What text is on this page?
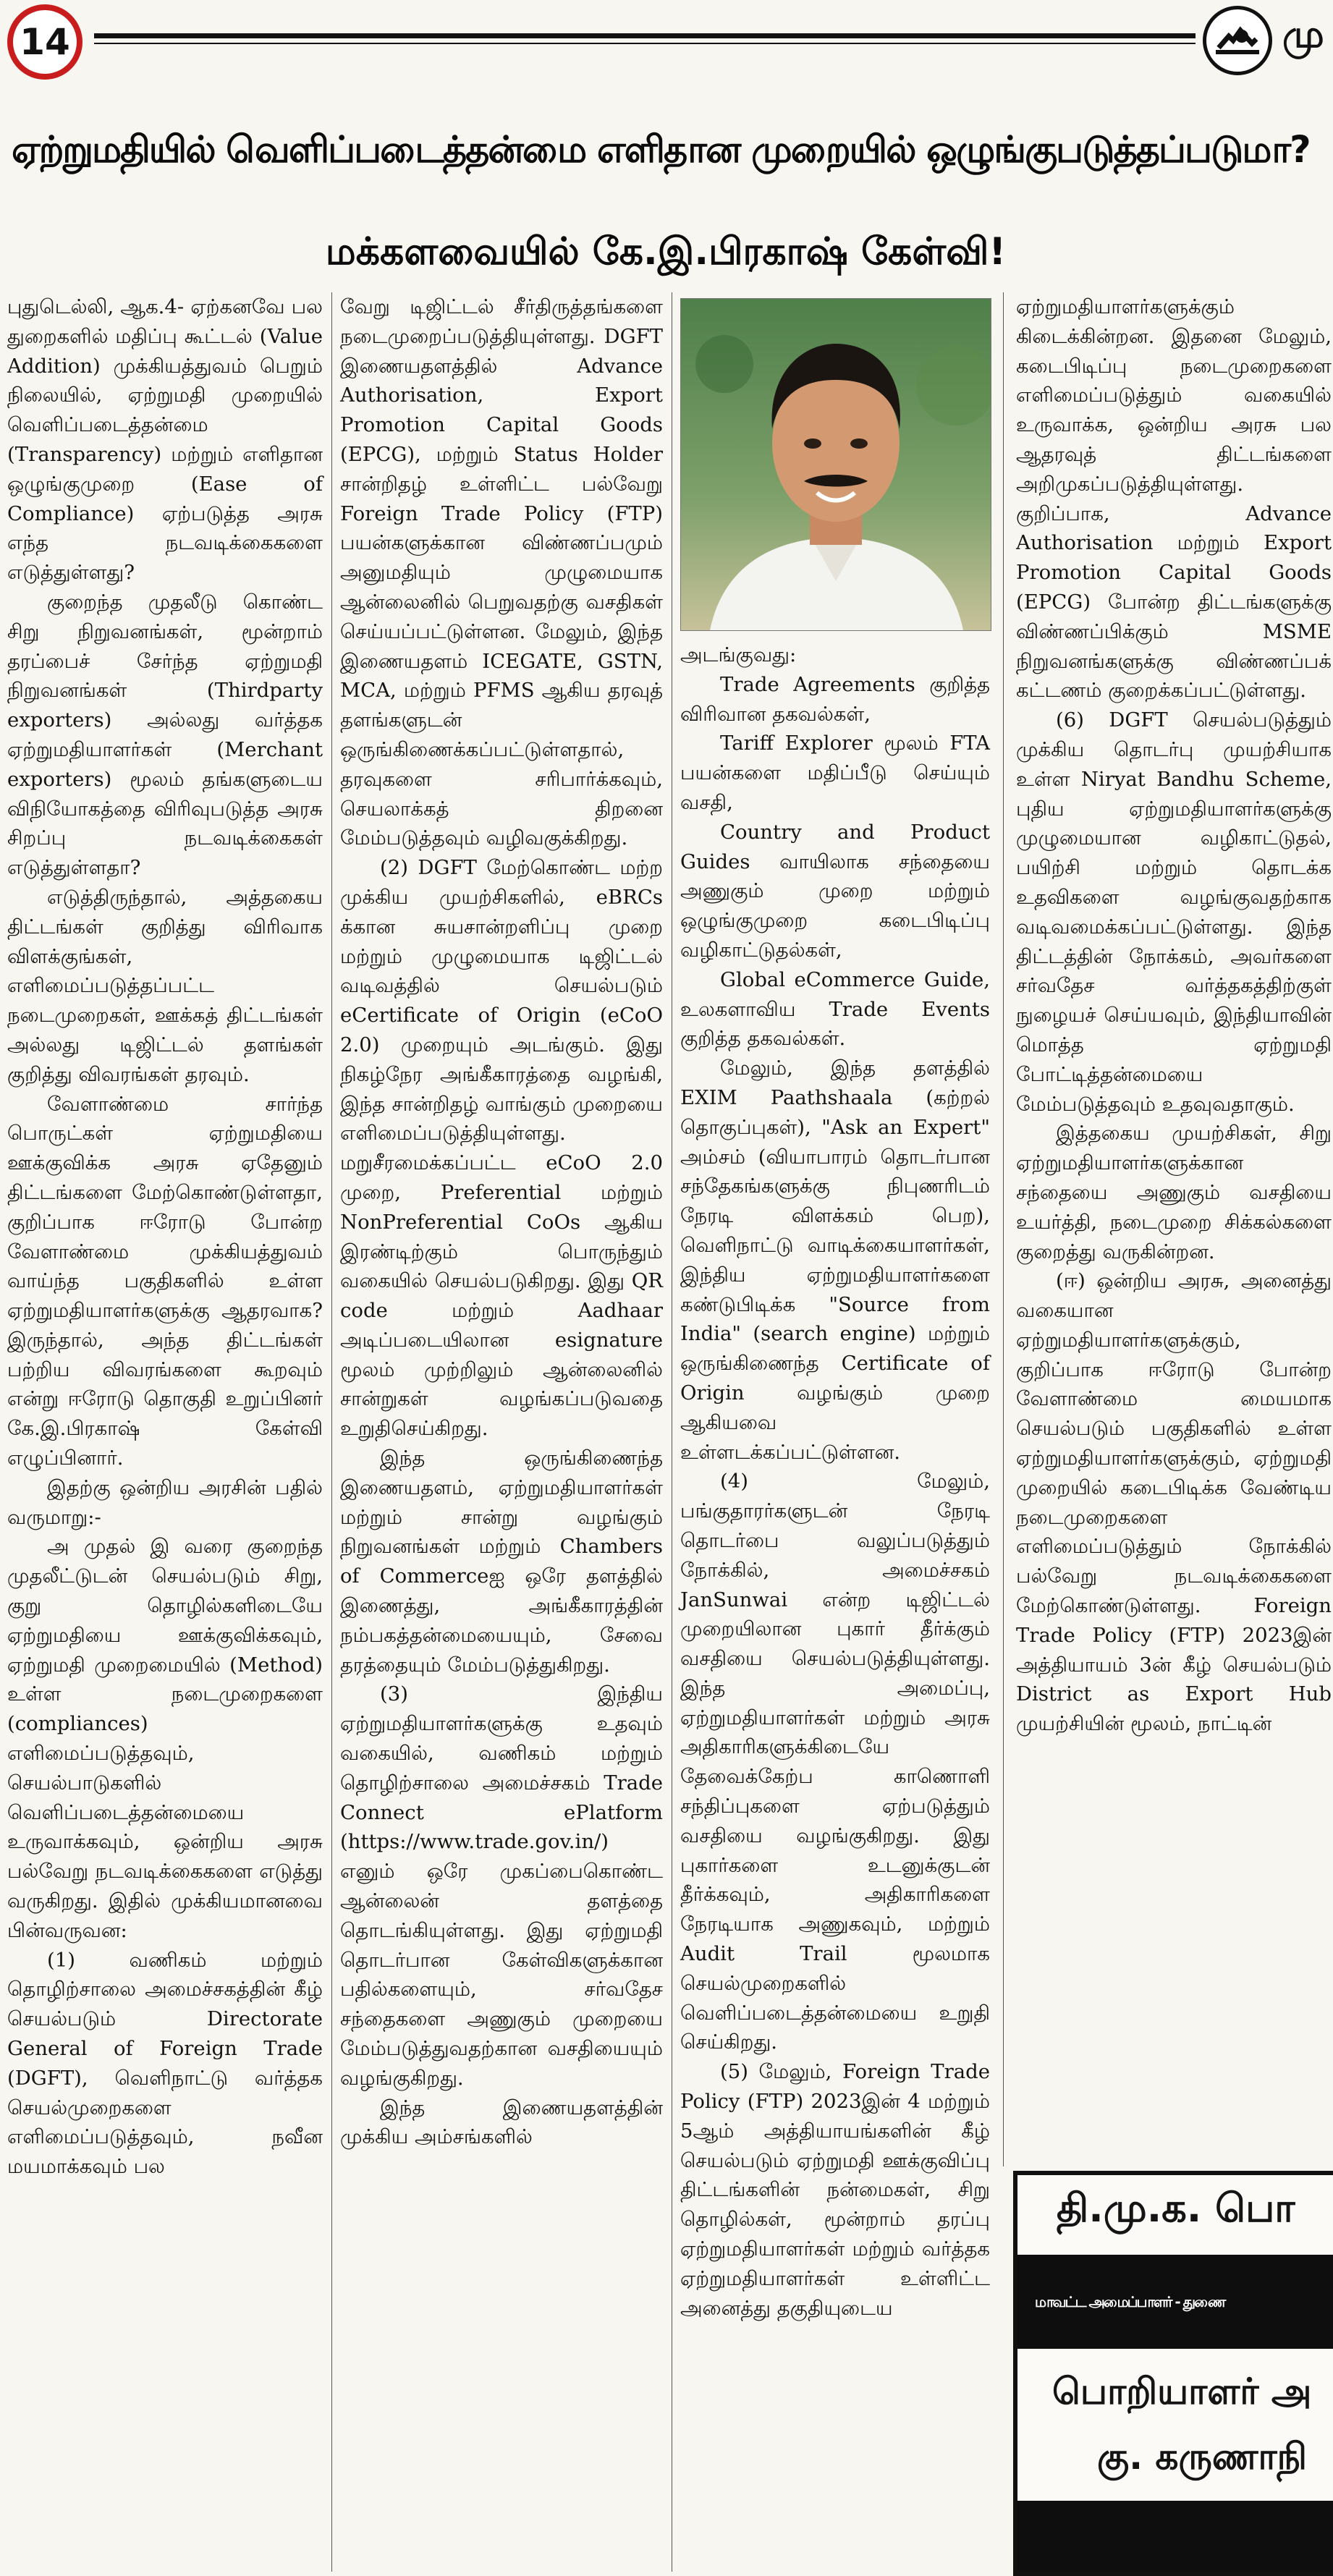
14	மு
ஏற்றுமதியில் வெளிப்படைத்தன்மை எளிதான முறையில் ஒழுங்குபடுத்தப்படுமா?
மக்களவையில் கே.இ.பிரகாஷ் கேள்வி!

புதுடெல்லி, ஆக.4- ஏற்கனவே பல துறைகளில் மதிப்பு கூட்டல் (Value Addition) முக்கியத்துவம் பெறும் நிலையில், ஏற்றுமதி முறையில் வெளிப்படைத்தன்மை (Transparency) மற்றும் எளிதான ஒழுங்குமுறை (Ease of Compliance) ஏற்படுத்த அரசு எந்த நடவடிக்கைகளை எடுத்துள்ளது?

குறைந்த முதலீடு கொண்ட சிறு நிறுவனங்கள், மூன்றாம் தரப்பைச் சேர்ந்த ஏற்றுமதி நிறுவனங்கள் (Thirdparty exporters) அல்லது வர்த்தக ஏற்றுமதியாளர்கள் (Merchant exporters) மூலம் தங்களுடைய விநியோகத்தை விரிவுபடுத்த அரசு சிறப்பு நடவடிக்கைகள் எடுத்துள்ளதா?

எடுத்திருந்தால், அத்தகைய திட்டங்கள் குறித்து விரிவாக விளக்குங்கள், எளிமைப்படுத்தப்பட்ட நடைமுறைகள், ஊக்கத் திட்டங்கள் அல்லது டிஜிட்டல் தளங்கள் குறித்து விவரங்கள் தரவும்.

வேளாண்மை சார்ந்த பொருட்கள் ஏற்றுமதியை ஊக்குவிக்க அரசு ஏதேனும் திட்டங்களை மேற்கொண்டுள்ளதா, குறிப்பாக ஈரோடு போன்ற வேளாண்மை முக்கியத்துவம் வாய்ந்த பகுதிகளில் உள்ள ஏற்றுமதியாளர்களுக்கு ஆதரவாக? இருந்தால், அந்த திட்டங்கள் பற்றிய விவரங்களை கூறவும் என்று ஈரோடு தொகுதி உறுப்பினர் கே.இ.பிரகாஷ் கேள்வி எழுப்பினார்.

இதற்கு ஒன்றிய அரசின் பதில் வருமாறு:-

அ முதல் இ வரை குறைந்த முதலீட்டுடன் செயல்படும் சிறு, குறு தொழில்களிடையே ஏற்றுமதியை ஊக்குவிக்கவும், ஏற்றுமதி முறைமையில் (Method) உள்ள நடைமுறைகளை (compliances) எளிமைப்படுத்தவும், செயல்பாடுகளில் வெளிப்படைத்தன்மையை உருவாக்கவும், ஒன்றிய அரசு பல்வேறு நடவடிக்கைகளை எடுத்து வருகிறது. இதில் முக்கியமானவை பின்வருவன:

(1) வணிகம் மற்றும் தொழிற்சாலை அமைச்சகத்தின் கீழ் செயல்படும் Directorate General of Foreign Trade (DGFT), வெளிநாட்டு வர்த்தக செயல்முறைகளை எளிமைப்படுத்தவும், நவீன மயமாக்கவும் பல

வேறு டிஜிட்டல் சீர்திருத்தங்களை நடைமுறைப்படுத்தியுள்ளது. DGFT இணையதளத்தில் Advance Authorisation, Export Promotion Capital Goods (EPCG), மற்றும் Status Holder சான்றிதழ் உள்ளிட்ட பல்வேறு Foreign Trade Policy (FTP) பயன்களுக்கான விண்ணப்பமும் அனுமதியும் முழுமையாக ஆன்லைனில் பெறுவதற்கு வசதிகள் செய்யப்பட்டுள்ளன. மேலும், இந்த இணையதளம் ICEGATE, GSTN, MCA, மற்றும் PFMS ஆகிய தரவுத் தளங்களுடன் ஒருங்கிணைக்கப்பட்டுள்ளதால், தரவுகளை சரிபார்க்கவும், செயலாக்கத் திறனை மேம்படுத்தவும் வழிவகுக்கிறது.

(2) DGFT மேற்கொண்ட மற்ற முக்கிய முயற்சிகளில், eBRCs க்கான சுயசான்றளிப்பு முறை மற்றும் முழுமையாக டிஜிட்டல் வடிவத்தில் செயல்படும் eCertificate of Origin (eCoO 2.0) முறையும் அடங்கும். இது நிகழ்நேர அங்கீகாரத்தை வழங்கி, இந்த சான்றிதழ் வாங்கும் முறையை எளிமைப்படுத்தியுள்ளது. மறுசீரமைக்கப்பட்ட eCoO 2.0 முறை, Preferential மற்றும் NonPreferential CoOs ஆகிய இரண்டிற்கும் பொருந்தும் வகையில் செயல்படுகிறது. இது QR code மற்றும் Aadhaar அடிப்படையிலான esignature மூலம் முற்றிலும் ஆன்லைனில் சான்றுகள் வழங்கப்படுவதை உறுதிசெய்கிறது.

இந்த ஒருங்கிணைந்த இணையதளம், ஏற்றுமதியாளர்கள் மற்றும் சான்று வழங்கும் நிறுவனங்கள் மற்றும் Chambers of Commerceஐ ஒரே தளத்தில் இணைத்து, அங்கீகாரத்தின் நம்பகத்தன்மையையும், சேவை தரத்தையும் மேம்படுத்துகிறது.

(3) இந்திய ஏற்றுமதியாளர்களுக்கு உதவும் வகையில், வணிகம் மற்றும் தொழிற்சாலை அமைச்சகம் Trade Connect ePlatform (https://www.trade.gov.in/) எனும் ஒரே முகப்பைகொண்ட ஆன்லைன் தளத்தை தொடங்கியுள்ளது. இது ஏற்றுமதி தொடர்பான கேள்விகளுக்கான பதில்களையும், சர்வதேச சந்தைகளை அணுகும் முறையை மேம்படுத்துவதற்கான வசதியையும் வழங்குகிறது.

இந்த இணையதளத்தின் முக்கிய அம்சங்களில்

அடங்குவது:

Trade Agreements குறித்த விரிவான தகவல்கள்,

Tariff Explorer மூலம் FTA பயன்களை மதிப்பீடு செய்யும் வசதி,

Country and Product Guides வாயிலாக சந்தையை அணுகும் முறை மற்றும் ஒழுங்குமுறை கடைபிடிப்பு வழிகாட்டுதல்கள்,

Global eCommerce Guide, உலகளாவிய Trade Events குறித்த தகவல்கள்.

மேலும், இந்த தளத்தில் EXIM Paathshaala (கற்றல் தொகுப்புகள்), "Ask an Expert" அம்சம் (வியாபாரம் தொடர்பான சந்தேகங்களுக்கு நிபுணரிடம் நேரடி விளக்கம் பெற), வெளிநாட்டு வாடிக்கையாளர்கள், இந்திய ஏற்றுமதியாளர்களை கண்டுபிடிக்க "Source from India" (search engine) மற்றும் ஒருங்கிணைந்த Certificate of Origin வழங்கும் முறை ஆகியவை உள்ளடக்கப்பட்டுள்ளன.

(4) மேலும், பங்குதாரர்களுடன் நேரடி தொடர்பை வலுப்படுத்தும் நோக்கில், அமைச்சகம் JanSunwai என்ற டிஜிட்டல் முறையிலான புகார் தீர்க்கும் வசதியை செயல்படுத்தியுள்ளது. இந்த அமைப்பு, ஏற்றுமதியாளர்கள் மற்றும் அரசு அதிகாரிகளுக்கிடையே தேவைக்கேற்ப காணொளி சந்திப்புகளை ஏற்படுத்தும் வசதியை வழங்குகிறது. இது புகார்களை உடனுக்குடன் தீர்க்கவும், அதிகாரிகளை நேரடியாக அணுகவும், மற்றும் Audit Trail மூலமாக செயல்முறைகளில் வெளிப்படைத்தன்மையை உறுதி செய்கிறது.

(5) மேலும், Foreign Trade Policy (FTP) 2023இன் 4 மற்றும் 5ஆம் அத்தியாயங்களின் கீழ் செயல்படும் ஏற்றுமதி ஊக்குவிப்பு திட்டங்களின் நன்மைகள், சிறு தொழில்கள், மூன்றாம் தரப்பு ஏற்றுமதியாளர்கள் மற்றும் வர்த்தக ஏற்றுமதியாளர்கள் உள்ளிட்ட அனைத்து தகுதியுடைய

ஏற்றுமதியாளர்களுக்கும் கிடைக்கின்றன. இதனை மேலும், கடைபிடிப்பு நடைமுறைகளை எளிமைப்படுத்தும் வகையில் உருவாக்க, ஒன்றிய அரசு பல ஆதரவுத் திட்டங்களை அறிமுகப்படுத்தியுள்ளது. குறிப்பாக, Advance Authorisation மற்றும் Export Promotion Capital Goods (EPCG) போன்ற திட்டங்களுக்கு விண்ணப்பிக்கும் MSME நிறுவனங்களுக்கு விண்ணப்பக் கட்டணம் குறைக்கப்பட்டுள்ளது.

(6) DGFT செயல்படுத்தும் முக்கிய தொடர்பு முயற்சியாக உள்ள Niryat Bandhu Scheme, புதிய ஏற்றுமதியாளர்களுக்கு முழுமையான வழிகாட்டுதல், பயிற்சி மற்றும் தொடக்க உதவிகளை வழங்குவதற்காக வடிவமைக்கப்பட்டுள்ளது. இந்த திட்டத்தின் நோக்கம், அவர்களை சர்வதேச வர்த்தகத்திற்குள் நுழையச் செய்யவும், இந்தியாவின் மொத்த ஏற்றுமதி போட்டித்தன்மையை மேம்படுத்தவும் உதவுவதாகும்.

இத்தகைய முயற்சிகள், சிறு ஏற்றுமதியாளர்களுக்கான சந்தையை அணுகும் வசதியை உயர்த்தி, நடைமுறை சிக்கல்களை குறைத்து வருகின்றன.

(ஈ) ஒன்றிய அரசு, அனைத்து வகையான ஏற்றுமதியாளர்களுக்கும், குறிப்பாக ஈரோடு போன்ற வேளாண்மை மையமாக செயல்படும் பகுதிகளில் உள்ள ஏற்றுமதியாளர்களுக்கும், ஏற்றுமதி முறையில் கடைபிடிக்க வேண்டிய நடைமுறைகளை எளிமைப்படுத்தும் நோக்கில் பல்வேறு நடவடிக்கைகளை மேற்கொண்டுள்ளது. Foreign Trade Policy (FTP) 2023இன் அத்தியாயம் 3ன் கீழ் செயல்படும் District as Export Hub முயற்சியின் மூலம், நாட்டின்

தி.மு.க. பொ
மாவட்ட அமைப்பாளர் - துணை
பொறியாளர் அ
கு. கருணாநி
